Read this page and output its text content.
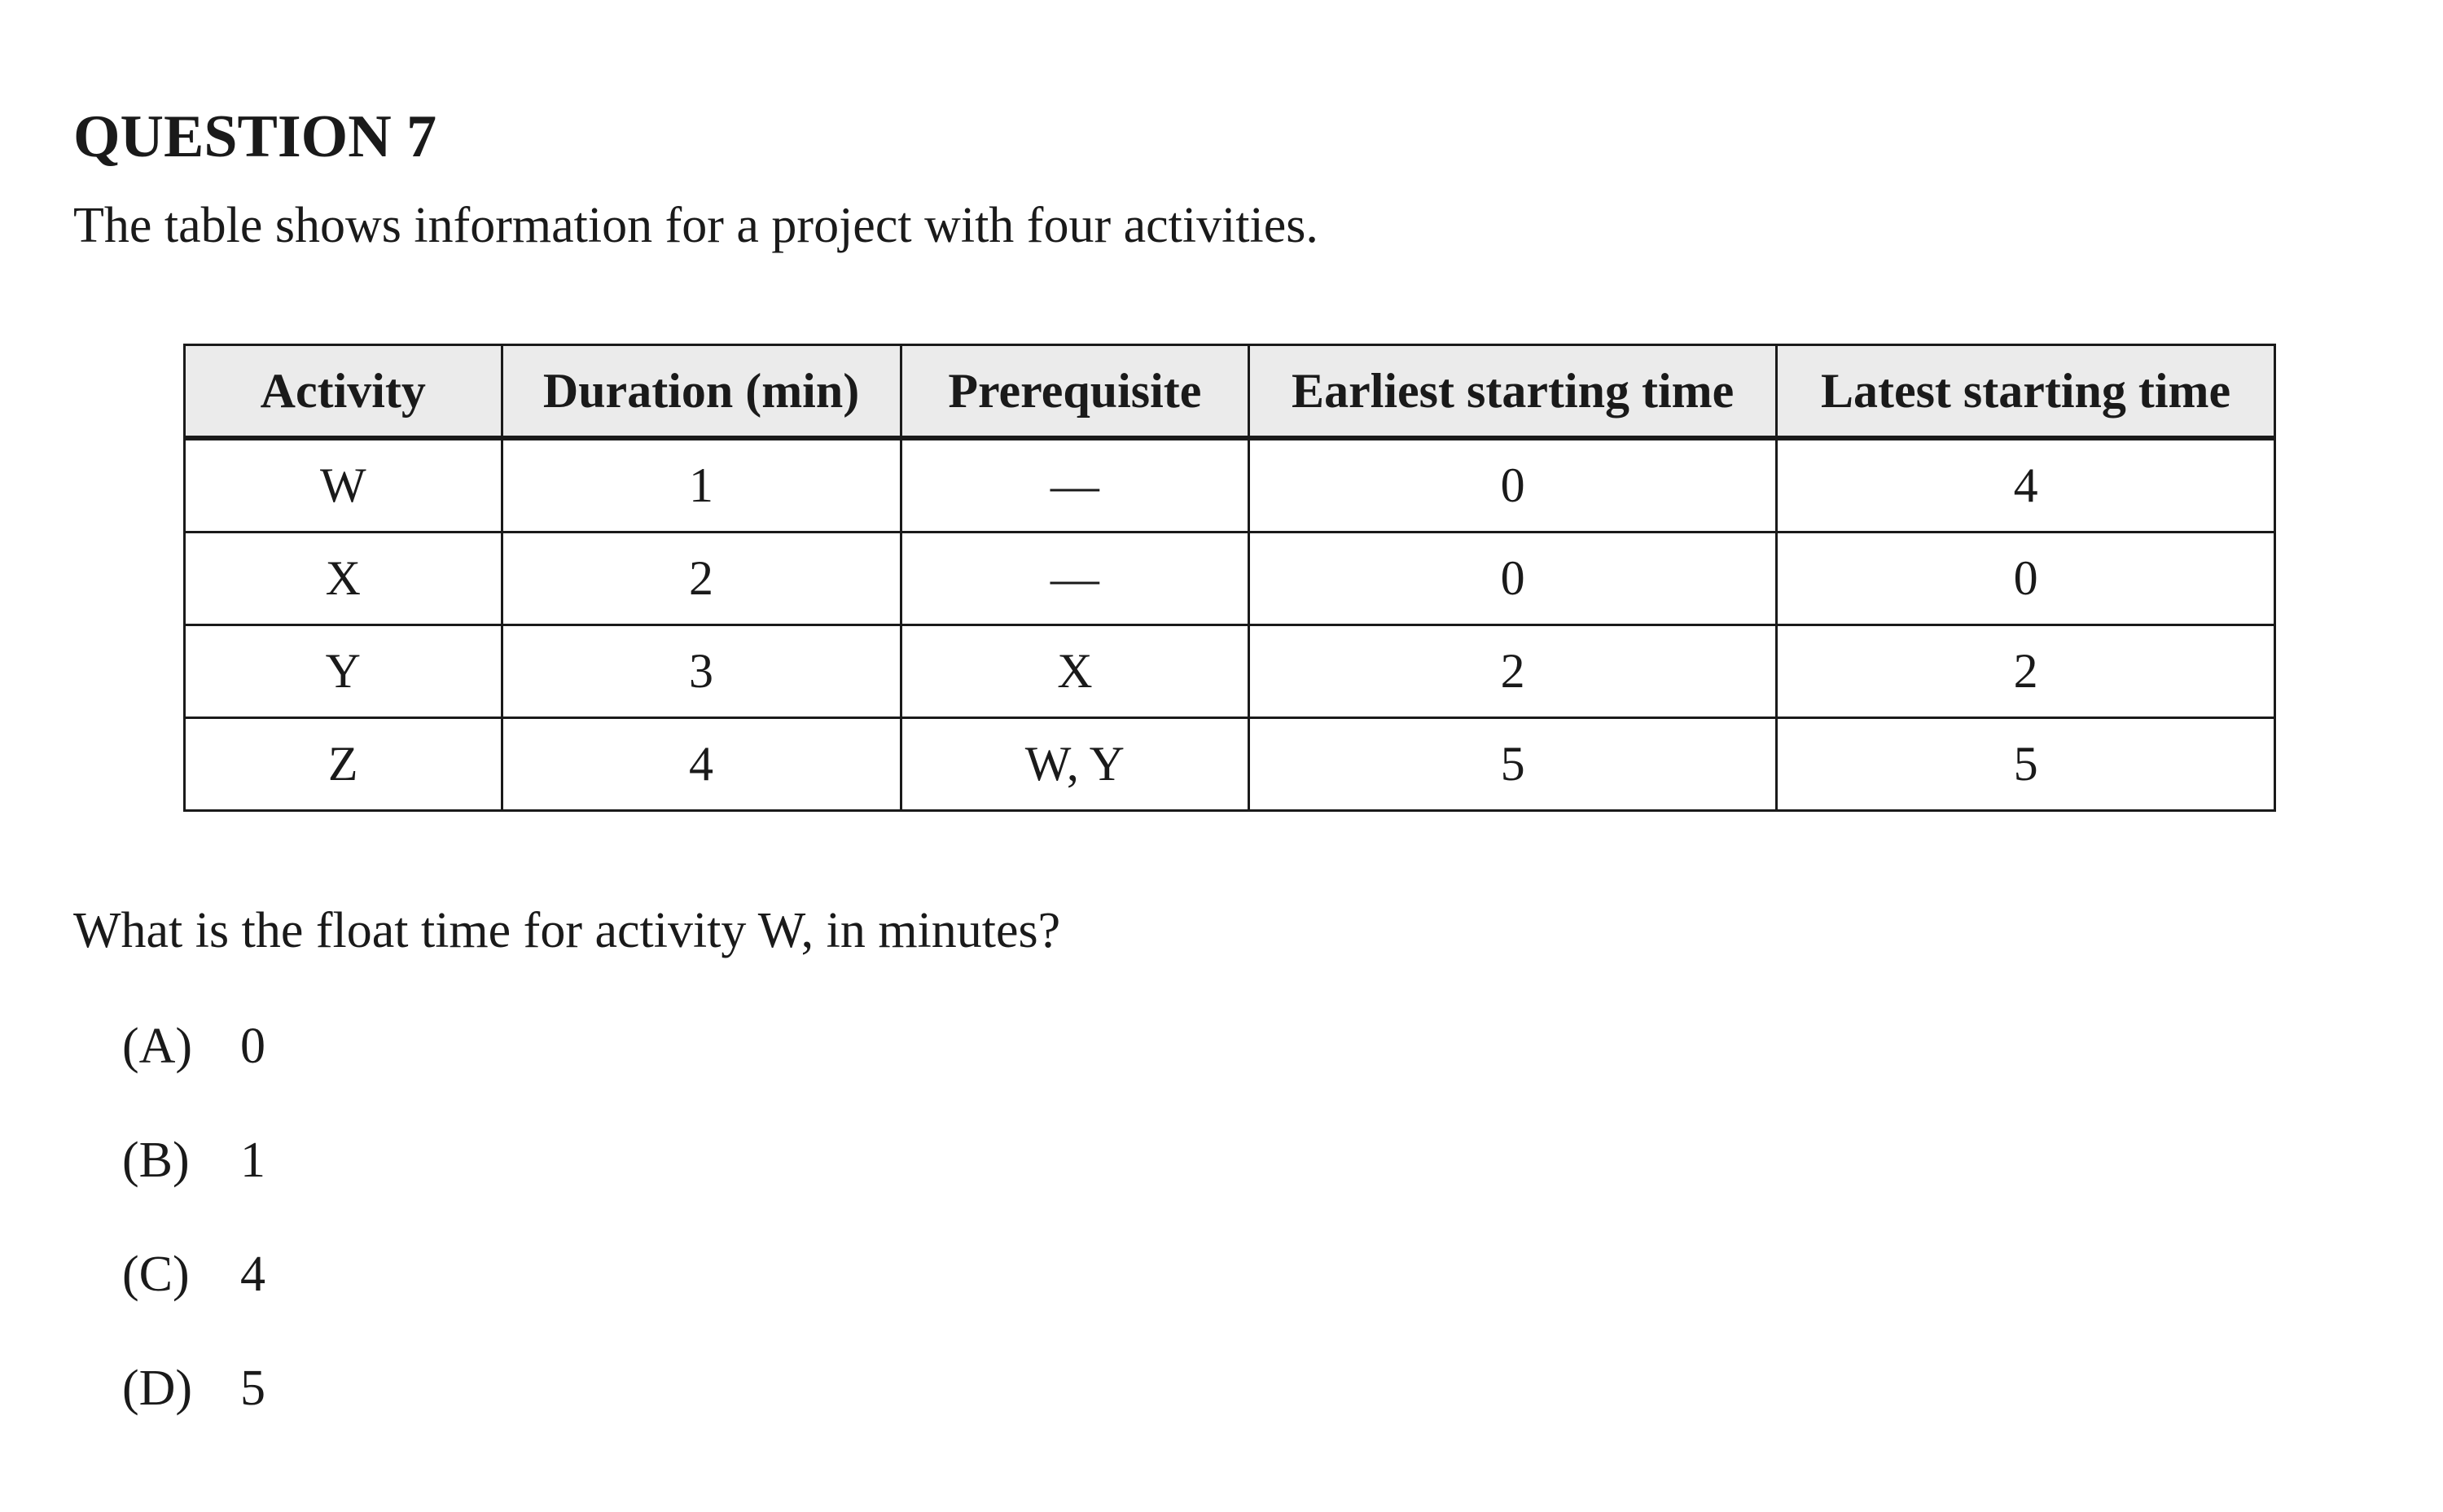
QUESTION 7

The table shows information for a project with four activities.

Activity	Duration (min)	Prerequisite	Earliest starting time	Latest starting time
W	1	—	0	4
X	2	—	0	0
Y	3	X	2	2
Z	4	W, Y	5	5

What is the float time for activity W, in minutes?

(A) 0
(B) 1
(C) 4
(D) 5
